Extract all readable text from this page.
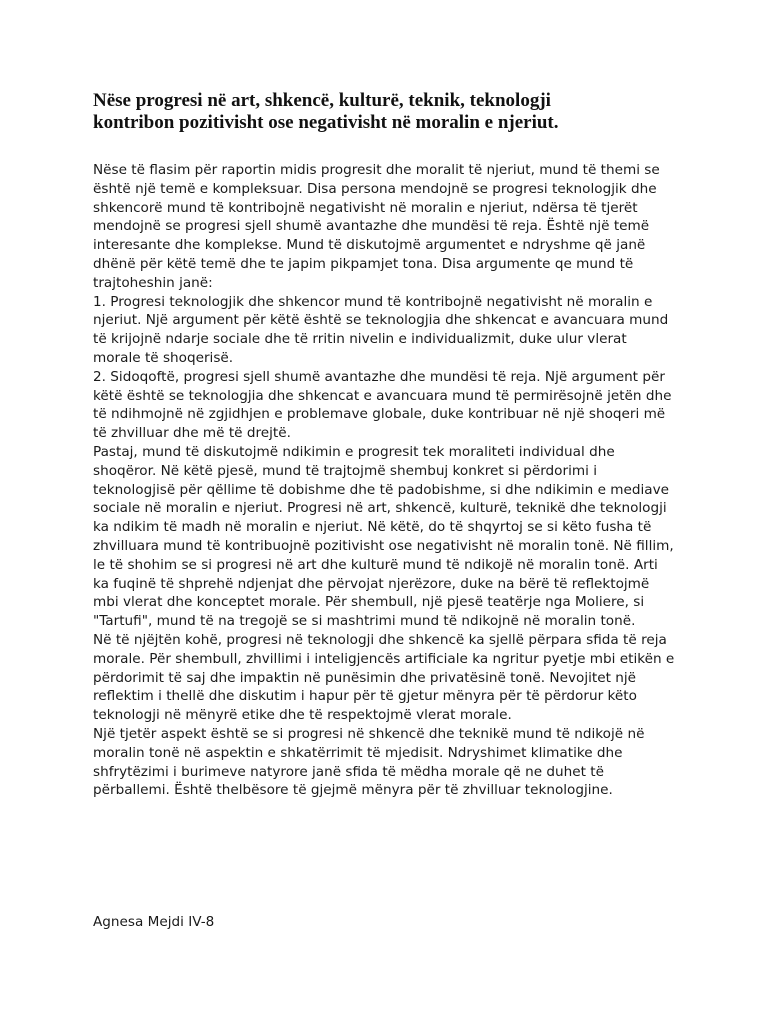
Nëse progresi në art, shkencë, kulturë, teknik, teknologji
kontribon pozitivisht ose negativisht në moralin e njeriut.
Nëse të flasim për raportin midis progresit dhe moralit të njeriut, mund të themi se
është një temë e kompleksuar. Disa persona mendojnë se progresi teknologjik dhe
shkencorë mund të kontribojnë negativisht në moralin e njeriut, ndërsa të tjerët
mendojnë se progresi sjell shumë avantazhe dhe mundësi të reja. Është një temë
interesante dhe komplekse. Mund të diskutojmë argumentet e ndryshme që janë
dhënë për këtë temë dhe te japim pikpamjet tona. Disa argumente qe mund të
trajtoheshin janë:
1. Progresi teknologjik dhe shkencor mund të kontribojnë negativisht në moralin e
njeriut. Një argument për këtë është se teknologjia dhe shkencat e avancuara mund
të krijojnë ndarje sociale dhe të rritin nivelin e individualizmit, duke ulur vlerat
morale të shoqerisë.
2. Sidoqoftë, progresi sjell shumë avantazhe dhe mundësi të reja. Një argument për
këtë është se teknologjia dhe shkencat e avancuara mund të permirësojnë jetën dhe
të ndihmojnë në zgjidhjen e problemave globale, duke kontribuar në një shoqeri më
të zhvilluar dhe më të drejtë.
Pastaj, mund të diskutojmë ndikimin e progresit tek moraliteti individual dhe
shoqëror. Në këtë pjesë, mund të trajtojmë shembuj konkret si përdorimi i
teknologjisë për qëllime të dobishme dhe të padobishme, si dhe ndikimin e mediave
sociale në moralin e njeriut. Progresi në art, shkencë, kulturë, teknikë dhe teknologji
ka ndikim të madh në moralin e njeriut. Në këtë, do të shqyrtoj se si këto fusha të
zhvilluara mund të kontribuojnë pozitivisht ose negativisht në moralin tonë. Në fillim,
le të shohim se si progresi në art dhe kulturë mund të ndikojë në moralin tonë. Arti
ka fuqinë të shprehë ndjenjat dhe përvojat njerëzore, duke na bërë të reflektojmë
mbi vlerat dhe konceptet morale. Për shembull, një pjesë teatërje nga Moliere, si
"Tartufi", mund të na tregojë se si mashtrimi mund të ndikojnë në moralin tonë.
Në të njëjtën kohë, progresi në teknologji dhe shkencë ka sjellë përpara sfida të reja
morale. Për shembull, zhvillimi i inteligjencës artificiale ka ngritur pyetje mbi etikën e
përdorimit të saj dhe impaktin në punësimin dhe privatësinë tonë. Nevojitet një
reflektim i thellë dhe diskutim i hapur për të gjetur mënyra për të përdorur këto
teknologji në mënyrë etike dhe të respektojmë vlerat morale.
Një tjetër aspekt është se si progresi në shkencë dhe teknikë mund të ndikojë në
moralin tonë në aspektin e shkatërrimit të mjedisit. Ndryshimet klimatike dhe
shfrytëzimi i burimeve natyrore janë sfida të mëdha morale që ne duhet të
përballemi. Është thelbësore të gjejmë mënyra për të zhvilluar teknologjine.
Agnesa Mejdi IV-8
